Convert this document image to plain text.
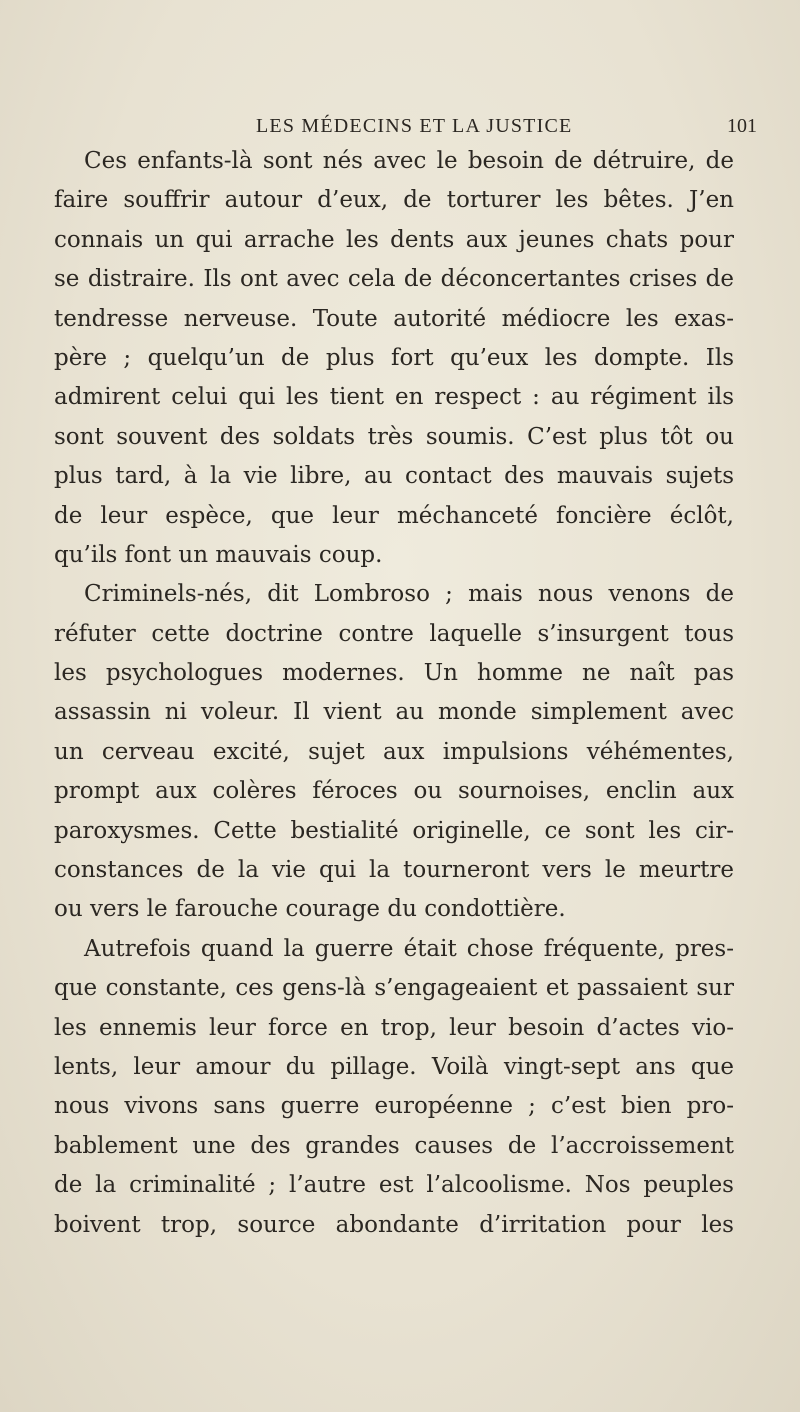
LES MÉDECINS ET LA JUSTICE	101
Ces enfants-là sont nés avec le besoin de détruire, de
faire souffrir autour d’eux, de torturer les bêtes. J’en
connais un qui arrache les dents aux jeunes chats pour
se distraire. Ils ont avec cela de déconcertantes crises de
tendresse nerveuse. Toute autorité médiocre les exas-
père ; quelqu’un de plus fort qu’eux les dompte. Ils
admirent celui qui les tient en respect : au régiment ils
sont souvent des soldats très soumis. C’est plus tôt ou
plus tard, à la vie libre, au contact des mauvais sujets
de leur espèce, que leur méchanceté foncière éclôt,
qu’ils font un mauvais coup.
Criminels-nés, dit Lombroso ; mais nous venons de
réfuter cette doctrine contre laquelle s’insurgent tous
les psychologues modernes. Un homme ne naît pas
assassin ni voleur. Il vient au monde simplement avec
un cerveau excité, sujet aux impulsions véhémentes,
prompt aux colères féroces ou sournoises, enclin aux
paroxysmes. Cette bestialité originelle, ce sont les cir-
constances de la vie qui la tourneront vers le meurtre
ou vers le farouche courage du condottière.
Autrefois quand la guerre était chose fréquente, pres-
que constante, ces gens-là s’engageaient et passaient sur
les ennemis leur force en trop, leur besoin d’actes vio-
lents, leur amour du pillage. Voilà vingt-sept ans que
nous vivons sans guerre européenne ; c’est bien pro-
bablement une des grandes causes de l’accroissement
de la criminalité ; l’autre est l’alcoolisme. Nos peuples
boivent trop, source abondante d’irritation pour les
